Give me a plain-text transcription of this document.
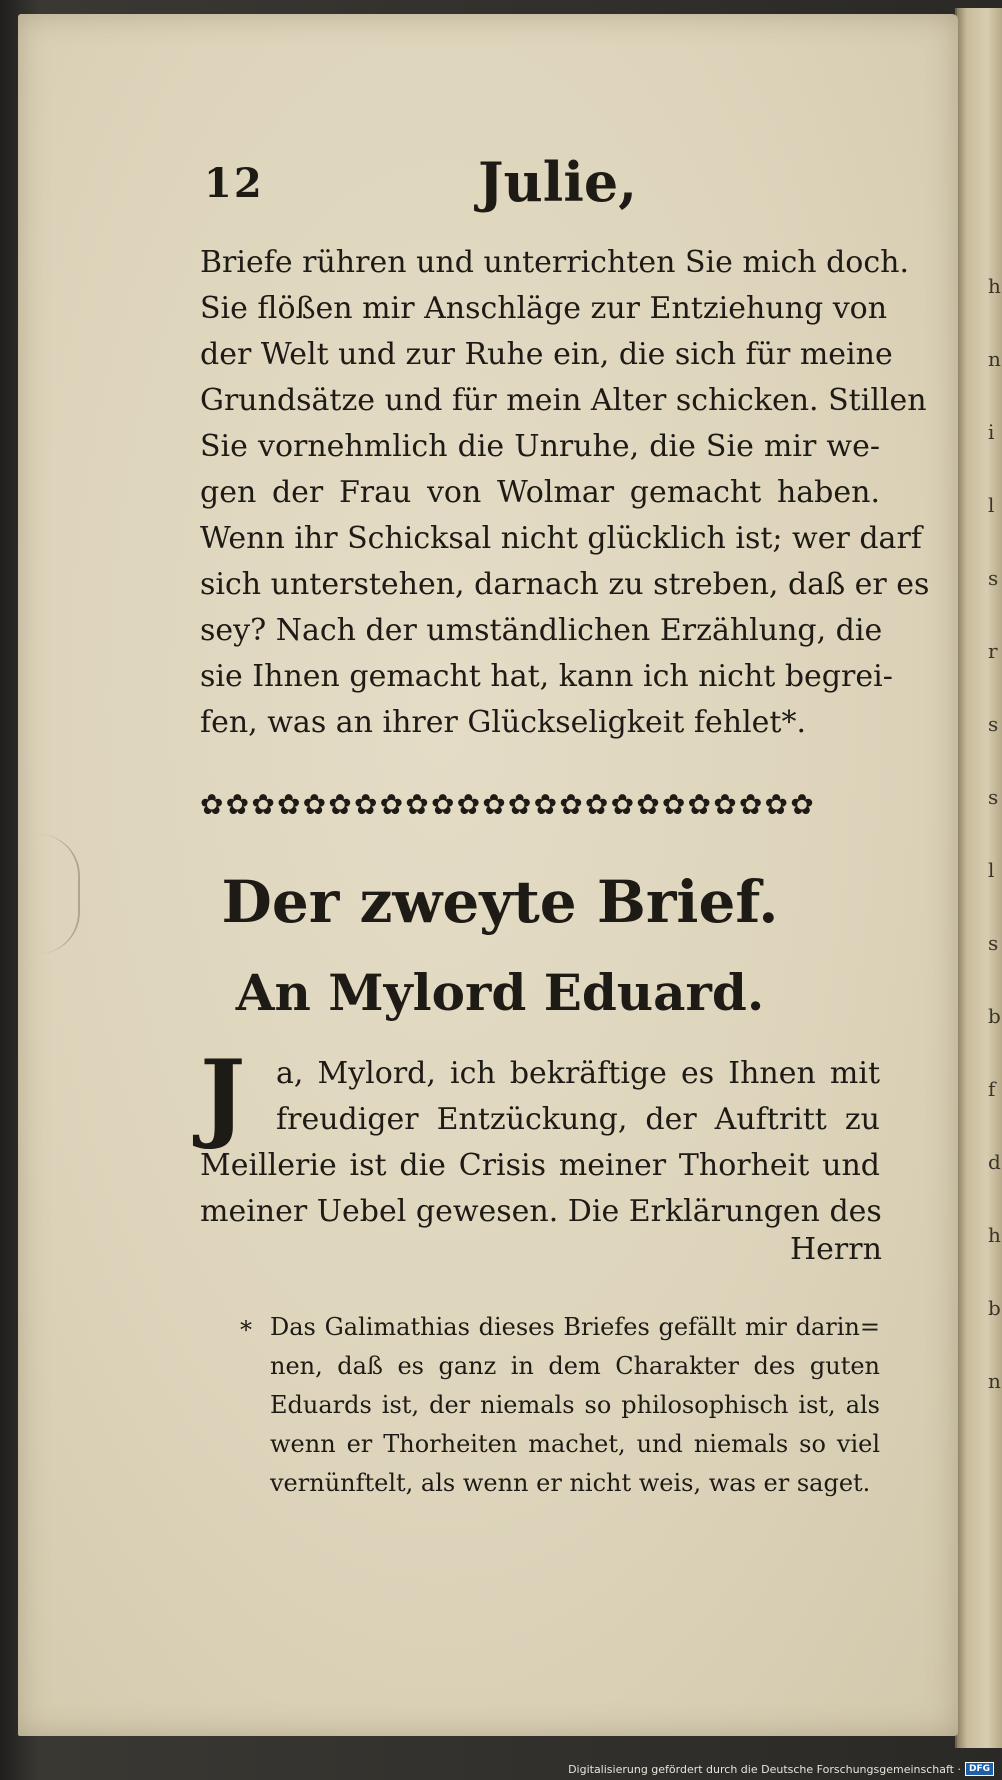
hnilsrsslsbfdhbn
12	Julie,
Briefe rühren und unterrichten Sie mich doch.
Sie flößen mir Anschläge zur Entziehung von
der Welt und zur Ruhe ein, die sich für meine
Grundsätze und für mein Alter schicken. Stillen
Sie vornehmlich die Unruhe, die Sie mir we-
gen der Frau von Wolmar gemacht haben.
Wenn ihr Schicksal nicht glücklich ist; wer darf
sich unterstehen, darnach zu streben, daß er es
sey? Nach der umständlichen Erzählung, die
sie Ihnen gemacht hat, kann ich nicht begrei-
fen, was an ihrer Glückseligkeit fehlet*.
✿✿✿✿✿✿✿✿✿✿✿✿✿✿✿✿✿✿✿✿✿✿✿✿
Der zweyte Brief.
An Mylord Eduard.
J a, Mylord, ich bekräftige es Ihnen mit
freudiger Entzückung, der Auftritt zu
Meillerie ist die Crisis meiner Thorheit und
meiner Uebel gewesen. Die Erklärungen des
Herrn
* Das Galimathias dieses Briefes gefällt mir darin=
nen, daß es ganz in dem Charakter des guten
Eduards ist, der niemals so philosophisch ist, als
wenn er Thorheiten machet, und niemals so viel
vernünftelt, als wenn er nicht weis, was er saget.
Digitalisierung gefördert durch die Deutsche Forschungsgemeinschaft · DFG
